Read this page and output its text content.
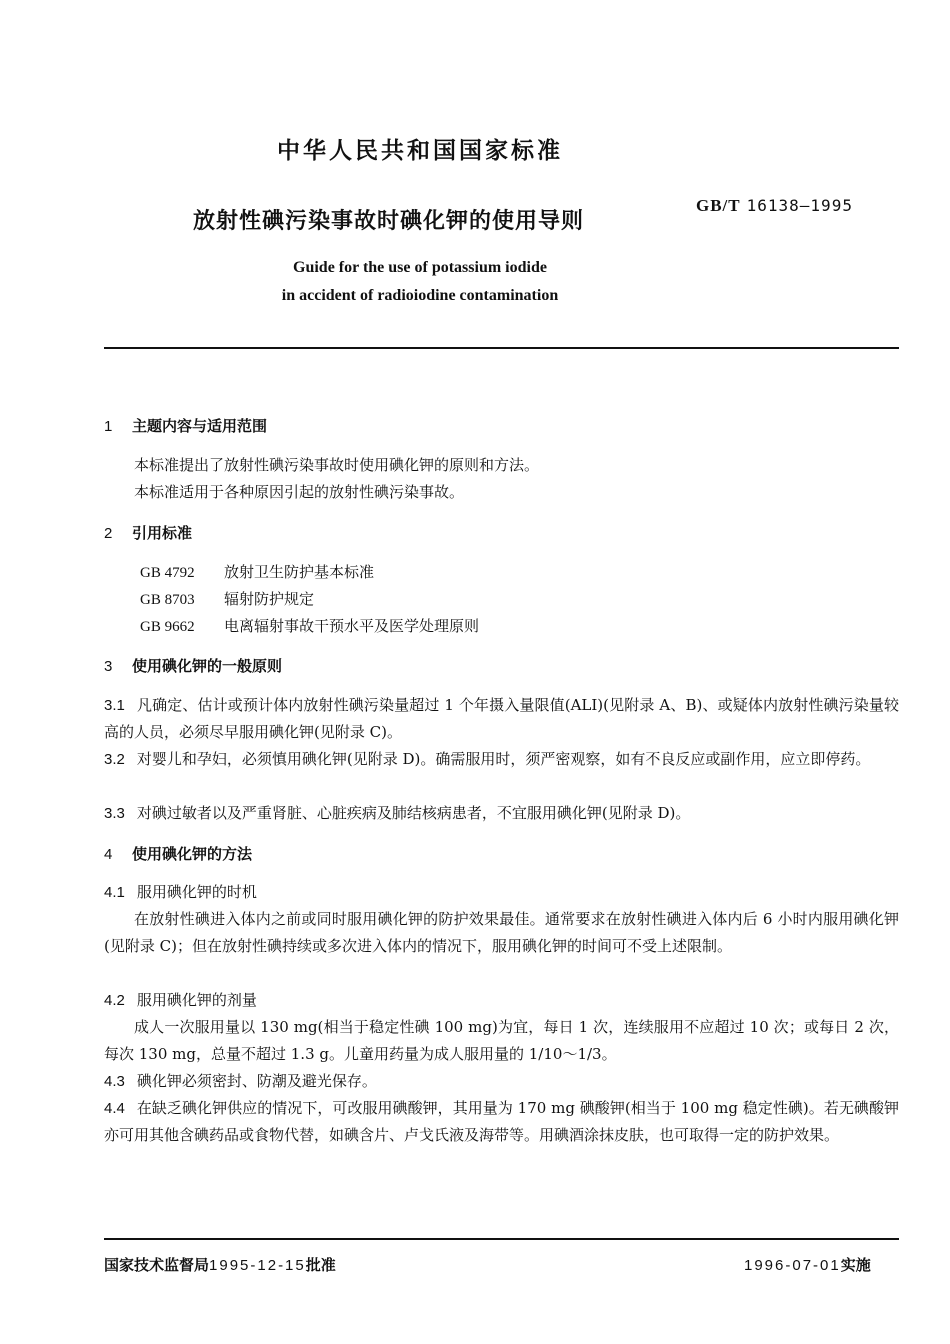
中华人民共和国国家标准
GB/T 16138—1995
放射性碘污染事故时碘化钾的使用导则
Guide for the use of potassium iodide
in accident of radioiodine contamination
1 主题内容与适用范围
本标准提出了放射性碘污染事故时使用碘化钾的原则和方法。
本标准适用于各种原因引起的放射性碘污染事故。
2 引用标准
GB 4792 放射卫生防护基本标准
GB 8703 辐射防护规定
GB 9662 电离辐射事故干预水平及医学处理原则
3 使用碘化钾的一般原则
3.1 凡确定、估计或预计体内放射性碘污染量超过 1 个年摄入量限值(ALI)(见附录 A、B)、或疑体内放射性碘污染量较高的人员，必须尽早服用碘化钾(见附录 C)。
3.2 对婴儿和孕妇，必须慎用碘化钾(见附录 D)。确需服用时，须严密观察，如有不良反应或副作用，应立即停药。
3.3 对碘过敏者以及严重肾脏、心脏疾病及肺结核病患者，不宜服用碘化钾(见附录 D)。
4 使用碘化钾的方法
4.1 服用碘化钾的时机
在放射性碘进入体内之前或同时服用碘化钾的防护效果最佳。通常要求在放射性碘进入体内后 6 小时内服用碘化钾(见附录 C)；但在放射性碘持续或多次进入体内的情况下，服用碘化钾的时间可不受上述限制。
4.2 服用碘化钾的剂量
成人一次服用量以 130 mg(相当于稳定性碘 100 mg)为宜，每日 1 次，连续服用不应超过 10 次；或每日 2 次，每次 130 mg，总量不超过 1.3 g。儿童用药量为成人服用量的 1/10～1/3。
4.3 碘化钾必须密封、防潮及避光保存。
4.4 在缺乏碘化钾供应的情况下，可改服用碘酸钾，其用量为 170 mg 碘酸钾(相当于 100 mg 稳定性碘)。若无碘酸钾亦可用其他含碘药品或食物代替，如碘含片、卢戈氏液及海带等。用碘酒涂抹皮肤，也可取得一定的防护效果。
国家技术监督局1995-12-15批准	1996-07-01实施
